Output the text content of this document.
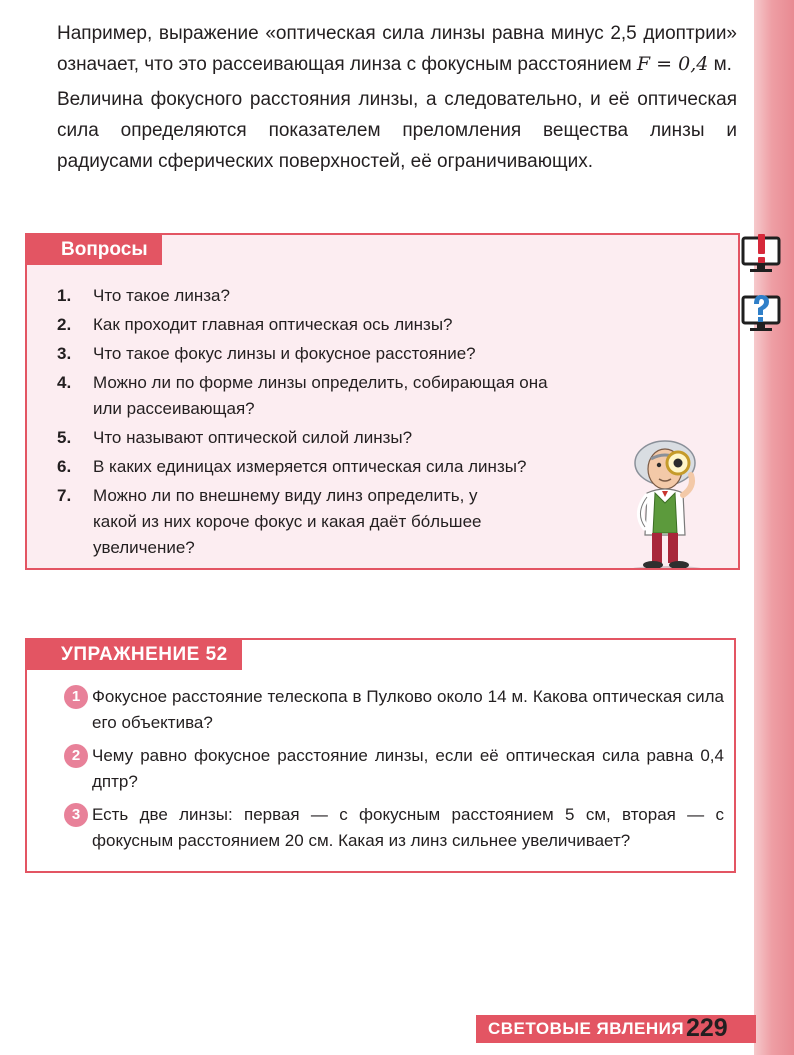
Например, выражение «оптическая сила линзы равна минус 2,5 диоптрии» означает, что это рассеивающая линза с фокусным расстоянием F = 0,4 м.

Величина фокусного расстояния линзы, а следовательно, и её оптическая сила определяются показателем преломления вещества линзы и радиусами сферических поверхностей, её ограничивающих.

Вопросы
1.	Что такое линза?
2.	Как проходит главная оптическая ось линзы?
3.	Что такое фокус линзы и фокусное расстояние?
4.	Можно ли по форме линзы определить, собирающая она или рассеивающая?
5.	Что называют оптической силой линзы?
6.	В каких единицах измеряется оптическая сила линзы?
7.	Можно ли по внешнему виду линз определить, у какой из них короче фокус и какая даёт бо́льшее увеличение?
УПРАЖНЕНИЕ 52
1 Фокусное расстояние телескопа в Пулково около 14 м. Какова оптическая сила его объектива?
2 Чему равно фокусное расстояние линзы, если её оптическая сила равна 0,4 дптр?
3 Есть две линзы: первая — с фокусным расстоянием 5 см, вторая — с фокусным расстоянием 20 см. Какая из линз сильнее увеличивает?
СВЕТОВЫЕ ЯВЛЕНИЯ 229
